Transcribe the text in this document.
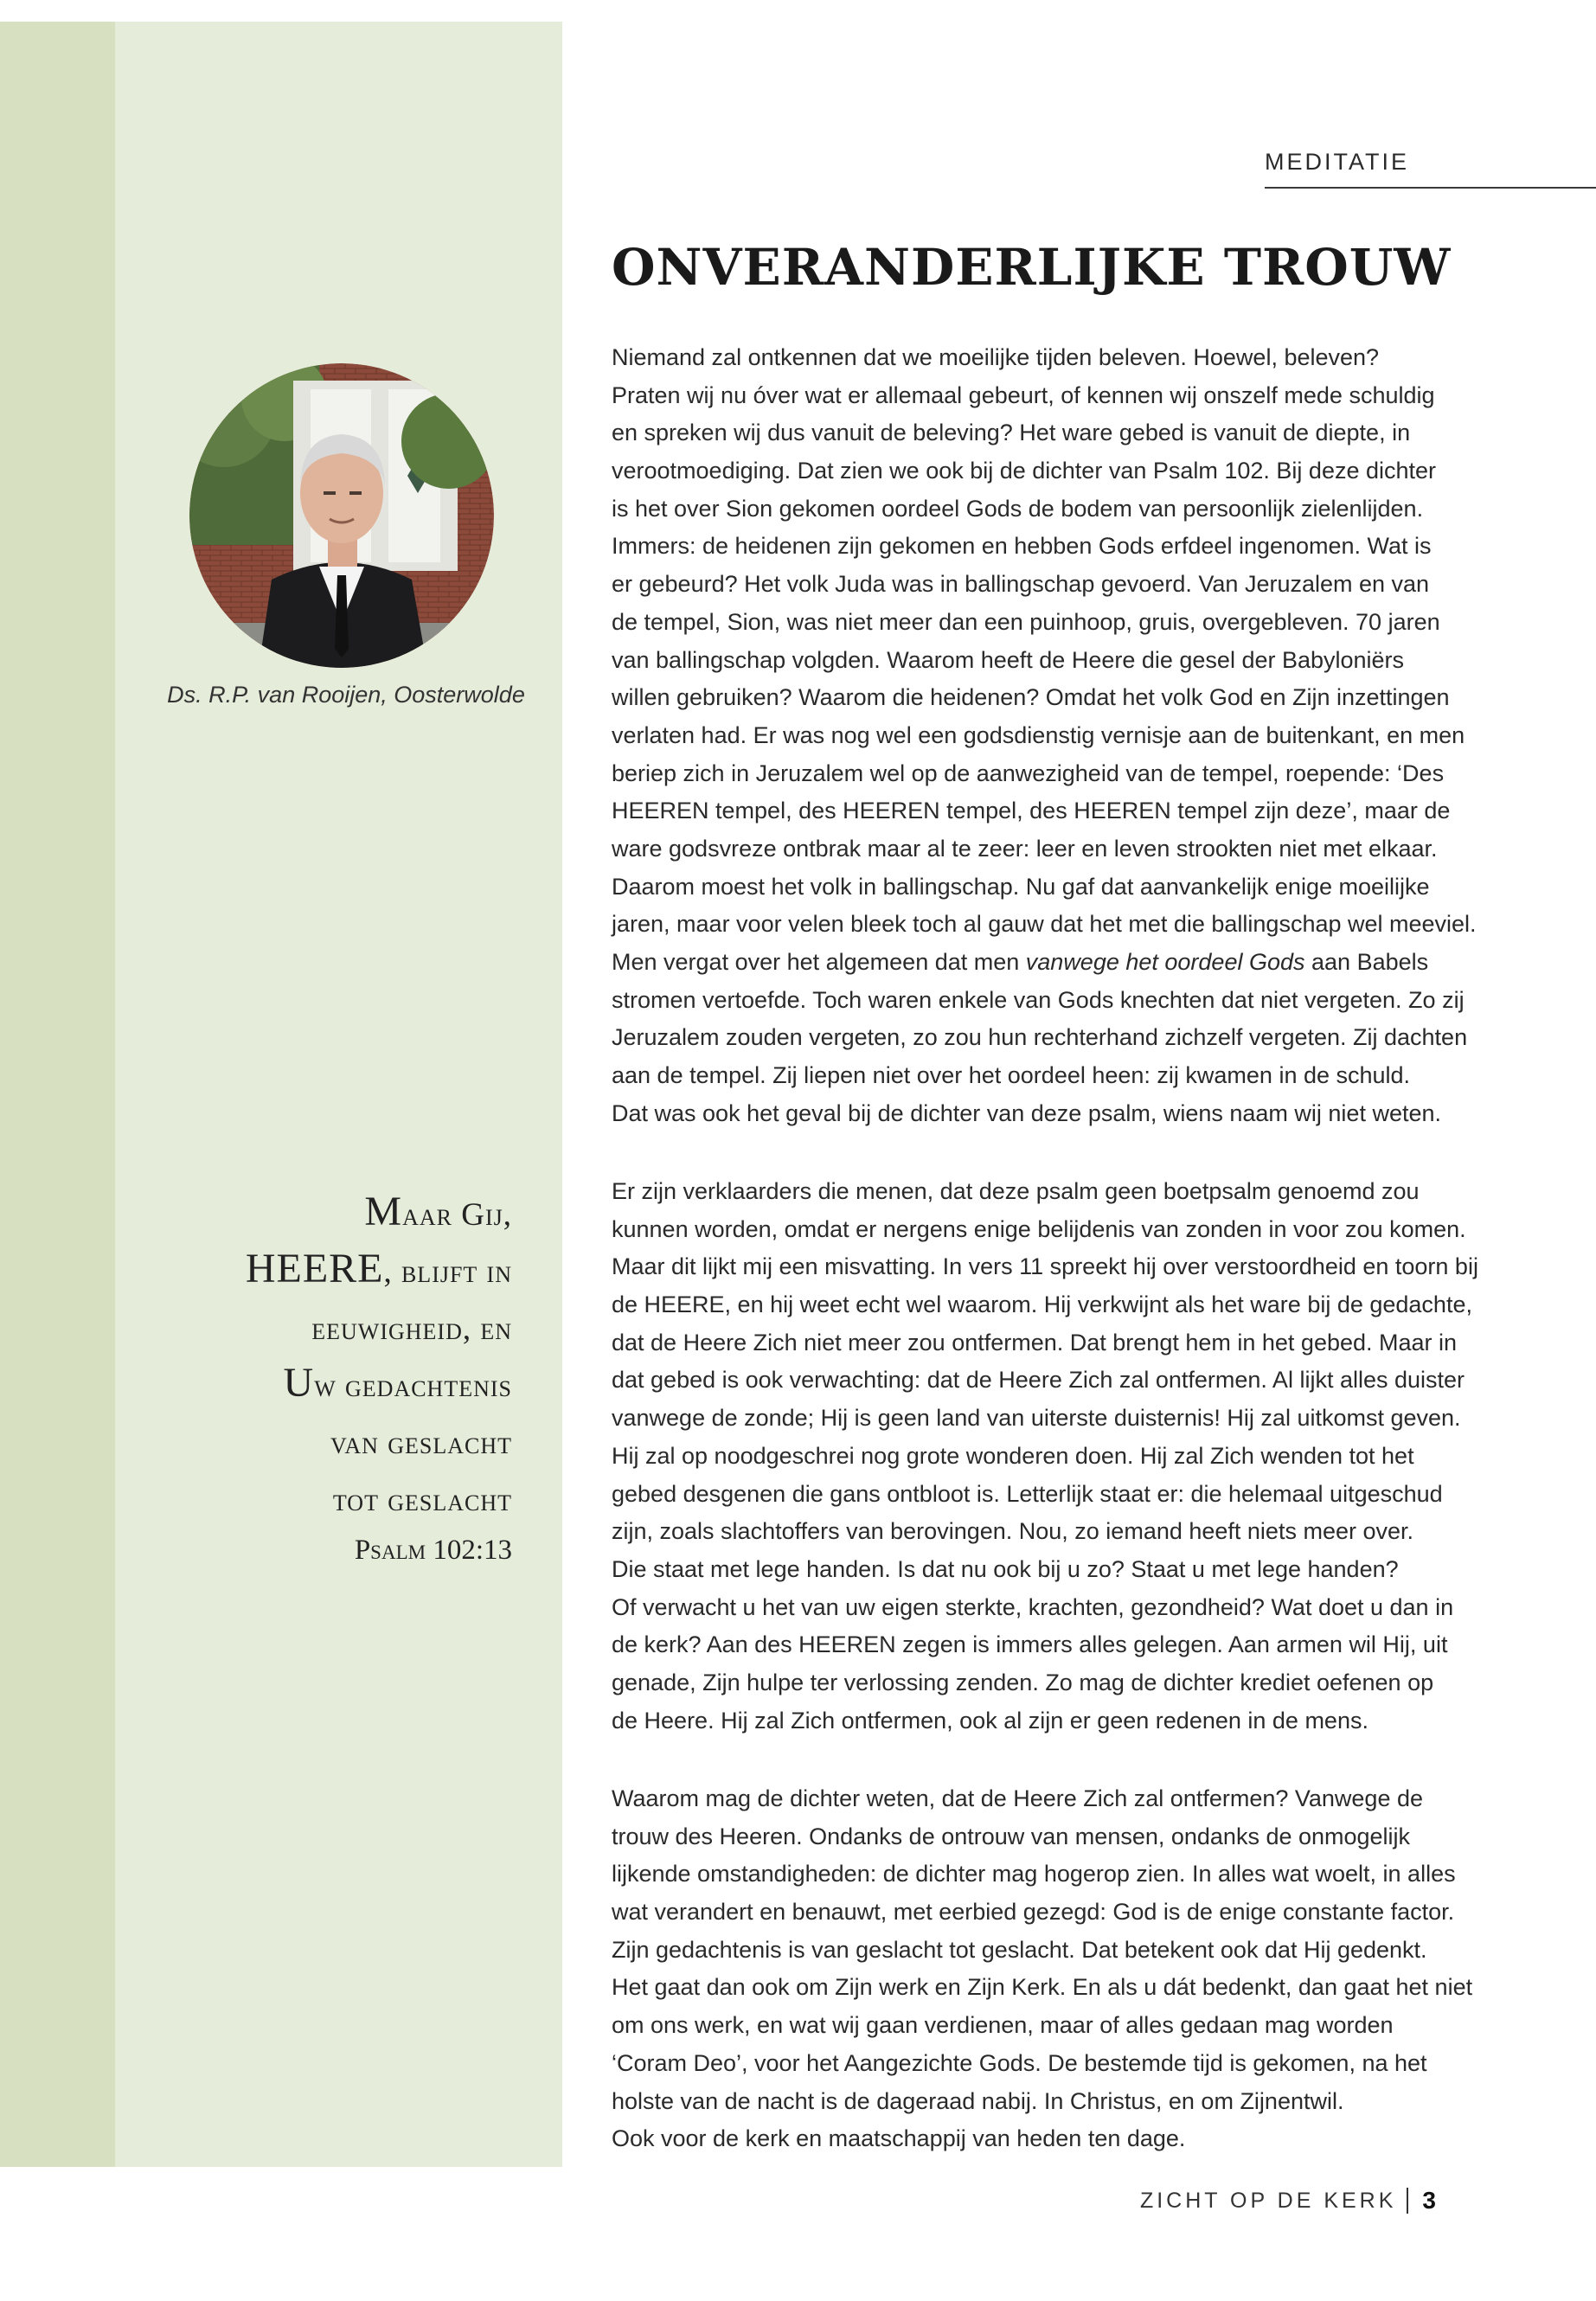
MEDITATIE
ONVERANDERLIJKE TROUW
Ds. R.P. van Rooijen, Oosterwolde
Maar Gij,
HEERE, blijft in
eeuwigheid, en
Uw gedachtenis
van geslacht
tot geslacht
Psalm 102:13
Niemand zal ontkennen dat we moeilijke tijden beleven. Hoewel, beleven?
Praten wij nu óver wat er allemaal gebeurt, of kennen wij onszelf mede schuldig
en spreken wij dus vanuit de beleving? Het ware gebed is vanuit de diepte, in
verootmoediging. Dat zien we ook bij de dichter van Psalm 102. Bij deze dichter
is het over Sion gekomen oordeel Gods de bodem van persoonlijk zielenlijden.
Immers: de heidenen zijn gekomen en hebben Gods erfdeel ingenomen. Wat is
er gebeurd? Het volk Juda was in ballingschap gevoerd. Van Jeruzalem en van
de tempel, Sion, was niet meer dan een puinhoop, gruis, overgebleven. 70 jaren
van ballingschap volgden. Waarom heeft de Heere die gesel der Babyloniërs
willen gebruiken? Waarom die heidenen? Omdat het volk God en Zijn inzettingen
verlaten had. Er was nog wel een godsdienstig vernisje aan de buitenkant, en men
beriep zich in Jeruzalem wel op de aanwezigheid van de tempel, roepende: ‘Des
HEEREN tempel, des HEEREN tempel, des HEEREN tempel zijn deze’, maar de
ware godsvreze ontbrak maar al te zeer: leer en leven strookten niet met elkaar.
Daarom moest het volk in ballingschap. Nu gaf dat aanvankelijk enige moeilijke
jaren, maar voor velen bleek toch al gauw dat het met die ballingschap wel meeviel.
Men vergat over het algemeen dat men vanwege het oordeel Gods aan Babels
stromen vertoefde. Toch waren enkele van Gods knechten dat niet vergeten. Zo zij
Jeruzalem zouden vergeten, zo zou hun rechterhand zichzelf vergeten. Zij dachten
aan de tempel. Zij liepen niet over het oordeel heen: zij kwamen in de schuld.
Dat was ook het geval bij de dichter van deze psalm, wiens naam wij niet weten.
Er zijn verklaarders die menen, dat deze psalm geen boetpsalm genoemd zou
kunnen worden, omdat er nergens enige belijdenis van zonden in voor zou komen.
Maar dit lijkt mij een misvatting. In vers 11 spreekt hij over verstoordheid en toorn bij
de HEERE, en hij weet echt wel waarom. Hij verkwijnt als het ware bij de gedachte,
dat de Heere Zich niet meer zou ontfermen. Dat brengt hem in het gebed. Maar in
dat gebed is ook verwachting: dat de Heere Zich zal ontfermen. Al lijkt alles duister
vanwege de zonde; Hij is geen land van uiterste duisternis! Hij zal uitkomst geven.
Hij zal op noodgeschrei nog grote wonderen doen. Hij zal Zich wenden tot het
gebed desgenen die gans ontbloot is. Letterlijk staat er: die helemaal uitgeschud
zijn, zoals slachtoffers van berovingen. Nou, zo iemand heeft niets meer over.
Die staat met lege handen. Is dat nu ook bij u zo? Staat u met lege handen?
Of verwacht u het van uw eigen sterkte, krachten, gezondheid? Wat doet u dan in
de kerk? Aan des HEEREN zegen is immers alles gelegen. Aan armen wil Hij, uit
genade, Zijn hulpe ter verlossing zenden. Zo mag de dichter krediet oefenen op
de Heere. Hij zal Zich ontfermen, ook al zijn er geen redenen in de mens.
Waarom mag de dichter weten, dat de Heere Zich zal ontfermen? Vanwege de
trouw des Heeren. Ondanks de ontrouw van mensen, ondanks de onmogelijk
lijkende omstandigheden: de dichter mag hogerop zien. In alles wat woelt, in alles
wat verandert en benauwt, met eerbied gezegd: God is de enige constante factor.
Zijn gedachtenis is van geslacht tot geslacht. Dat betekent ook dat Hij gedenkt.
Het gaat dan ook om Zijn werk en Zijn Kerk. En als u dát bedenkt, dan gaat het niet
om ons werk, en wat wij gaan verdienen, maar of alles gedaan mag worden
‘Coram Deo’, voor het Aangezichte Gods. De bestemde tijd is gekomen, na het
holste van de nacht is de dageraad nabij. In Christus, en om Zijnentwil.
Ook voor de kerk en maatschappij van heden ten dage.
ZICHT OP DE KERK 3
